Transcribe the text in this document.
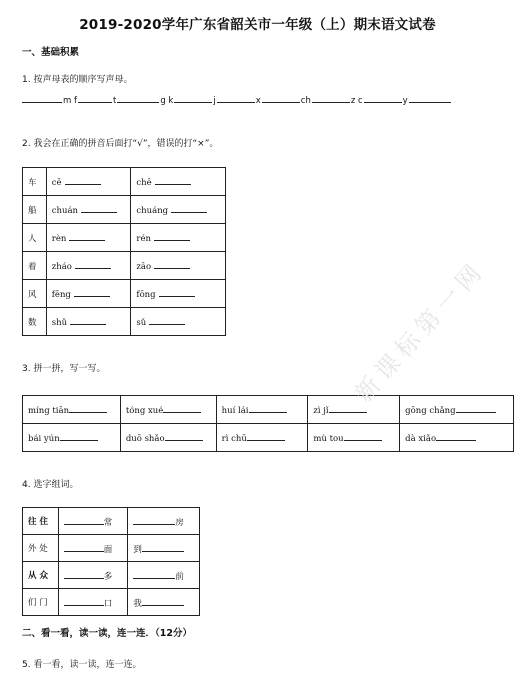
2019-2020学年广东省韶关市一年级（上）期末语文试卷
一、基础积累
1. 按声母表的顺序写声母。
m f	t	g k	j	x	ch	z c	y
2. 我会在正确的拼音后面打“√”，错误的打“×”。
车	cē	chē
船	chuán	chuáng
人	rèn	rén
着	zháo	zāo
风	fēng	fōng
数	shǔ	sǔ
3. 拼一拼，写一写。
míng tiān	tóng xué	huí lái	zì jǐ	gōng chǎng
bái yún	duō shǎo	rì chū	mù tou	dà xiǎo
4. 选字组词。
往 住	常	房
外 处	面	到
从 众	多	前
们 门	口	我
二、看一看，读一读，连一连．（12分）
5. 看一看，读一读，连一连。
新课标第一网
